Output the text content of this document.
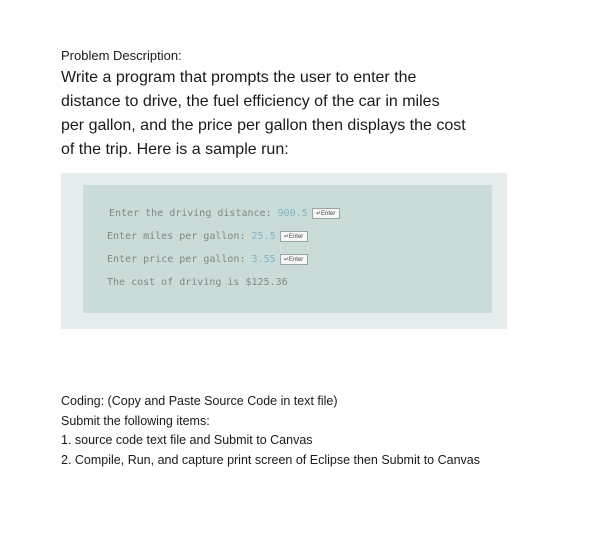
Problem Description:
Write a program that prompts the user to enter the
distance to drive, the fuel efficiency of the car in miles
per gallon, and the price per gallon then displays the cost
of the trip. Here is a sample run:
Enter the driving distance: 900.5 ↵Enter
Enter miles per gallon: 25.5 ↵Enter
Enter price per gallon: 3.55 ↵Enter
The cost of driving is $125.36
Coding: (Copy and Paste Source Code in text file)
Submit the following items:
1. source code text file and Submit to Canvas
2. Compile, Run, and capture print screen of Eclipse then Submit to Canvas
